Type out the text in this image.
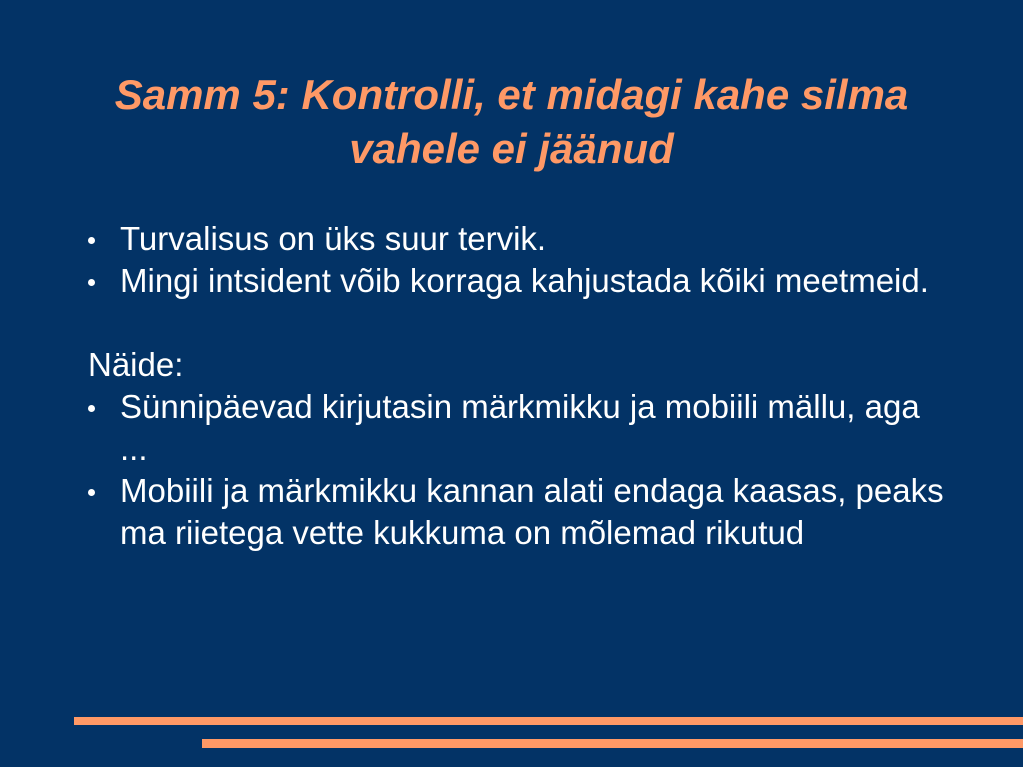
Samm 5: Kontrolli, et midagi kahe silma vahele ei jäänud
Turvalisus on üks suur tervik.
Mingi intsident võib korraga kahjustada kõiki meetmeid.
Näide:
Sünnipäevad kirjutasin märkmikku ja mobiili mällu, aga ...
Mobiili ja märkmikku kannan alati endaga kaasas, peaks ma riietega vette kukkuma on mõlemad rikutud
